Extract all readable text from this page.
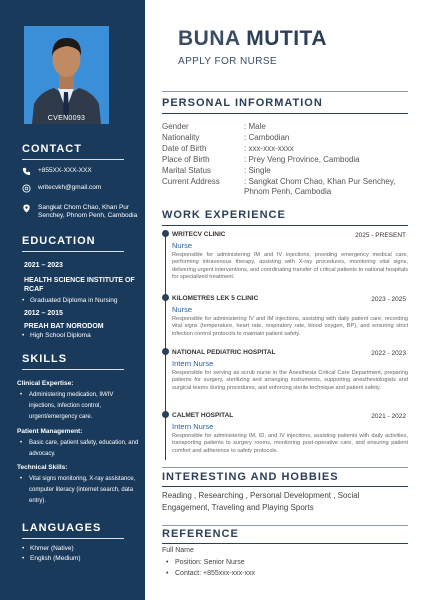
CVEN0093
CONTACT
+855XX-XXX-XXX
writecvkh@gmail.com
Sangkat Chom Chao, Khan Pur Senchey, Phnom Penh, Cambodia
EDUCATION
2021 – 2023
HEALTH SCIENCE INSTITUTE OF RCAF
• Graduated Diploma in Nursing
2012 – 2015
PREAH BAT NORODOM
• High School Diploma
SKILLS
Clinical Expertise:
• Administering medication, IM/IV injections, infection control, urgent/emergency care.
Patient Management:
• Basic care, patient safety, education, and advocacy.
Technical Skills:
• Vital signs monitoring, X-ray assistance, computer literacy (internet search, data entry).
LANGUAGES
• Khmer (Native)
• English (Medium)
BUNA MUTITA
APPLY FOR NURSE
PERSONAL INFORMATION
Gender	: Male
Nationality	: Cambodian
Date of Birth	: xxx-xxx-xxxx
Place of Birth	: Prey Veng Province, Cambodia
Marital Status	: Single
Current Address	: Sangkat Chom Chao, Khan Pur Senchey, Phnom Penh, Cambodia
WORK EXPERIENCE
WRITECV CLINIC	2025 - PRESENT
Nurse
Responsible for administering IM and IV injections, providing emergency medical care, performing intravenous therapy, assisting with X-ray procedures, monitoring vital signs, delivering urgent interventions, and coordinating transfer of critical patients to national hospitals for specialized treatment.
KILOMETRES LEK 5 CLINIC	2023 - 2025
Nurse
Responsible for administering IV and IM injections, assisting with daily patient care, recording vital signs (temperature, heart rate, respiratory rate, blood oxygen, BP), and ensuring strict infection control protocols to maintain patient safety.
NATIONAL PEDIATRIC HOSPITAL	2022 - 2023
Intern Nurse
Responsible for serving as scrub nurse in the Anesthesia Critical Care Department, preparing patients for surgery, sterilizing and arranging instruments, supporting anesthesiologists and surgical teams during procedures, and enforcing sterile technique and patient safety.
CALMET HOSPITAL	2021 - 2022
Intern Nurse
Responsible for administering IM, ID, and IV injections, assisting patients with daily activities, transporting patients to surgery rooms, monitoring post-operative care, and ensuring patient comfort and adherence to safety protocols.
INTERESTING AND HOBBIES
Reading , Researching , Personal Development , Social Engagement, Traveling and Playing Sports
REFERENCE
Full Name
• Position: Senior Nurse
• Contact: +855xxx-xxx-xxx
